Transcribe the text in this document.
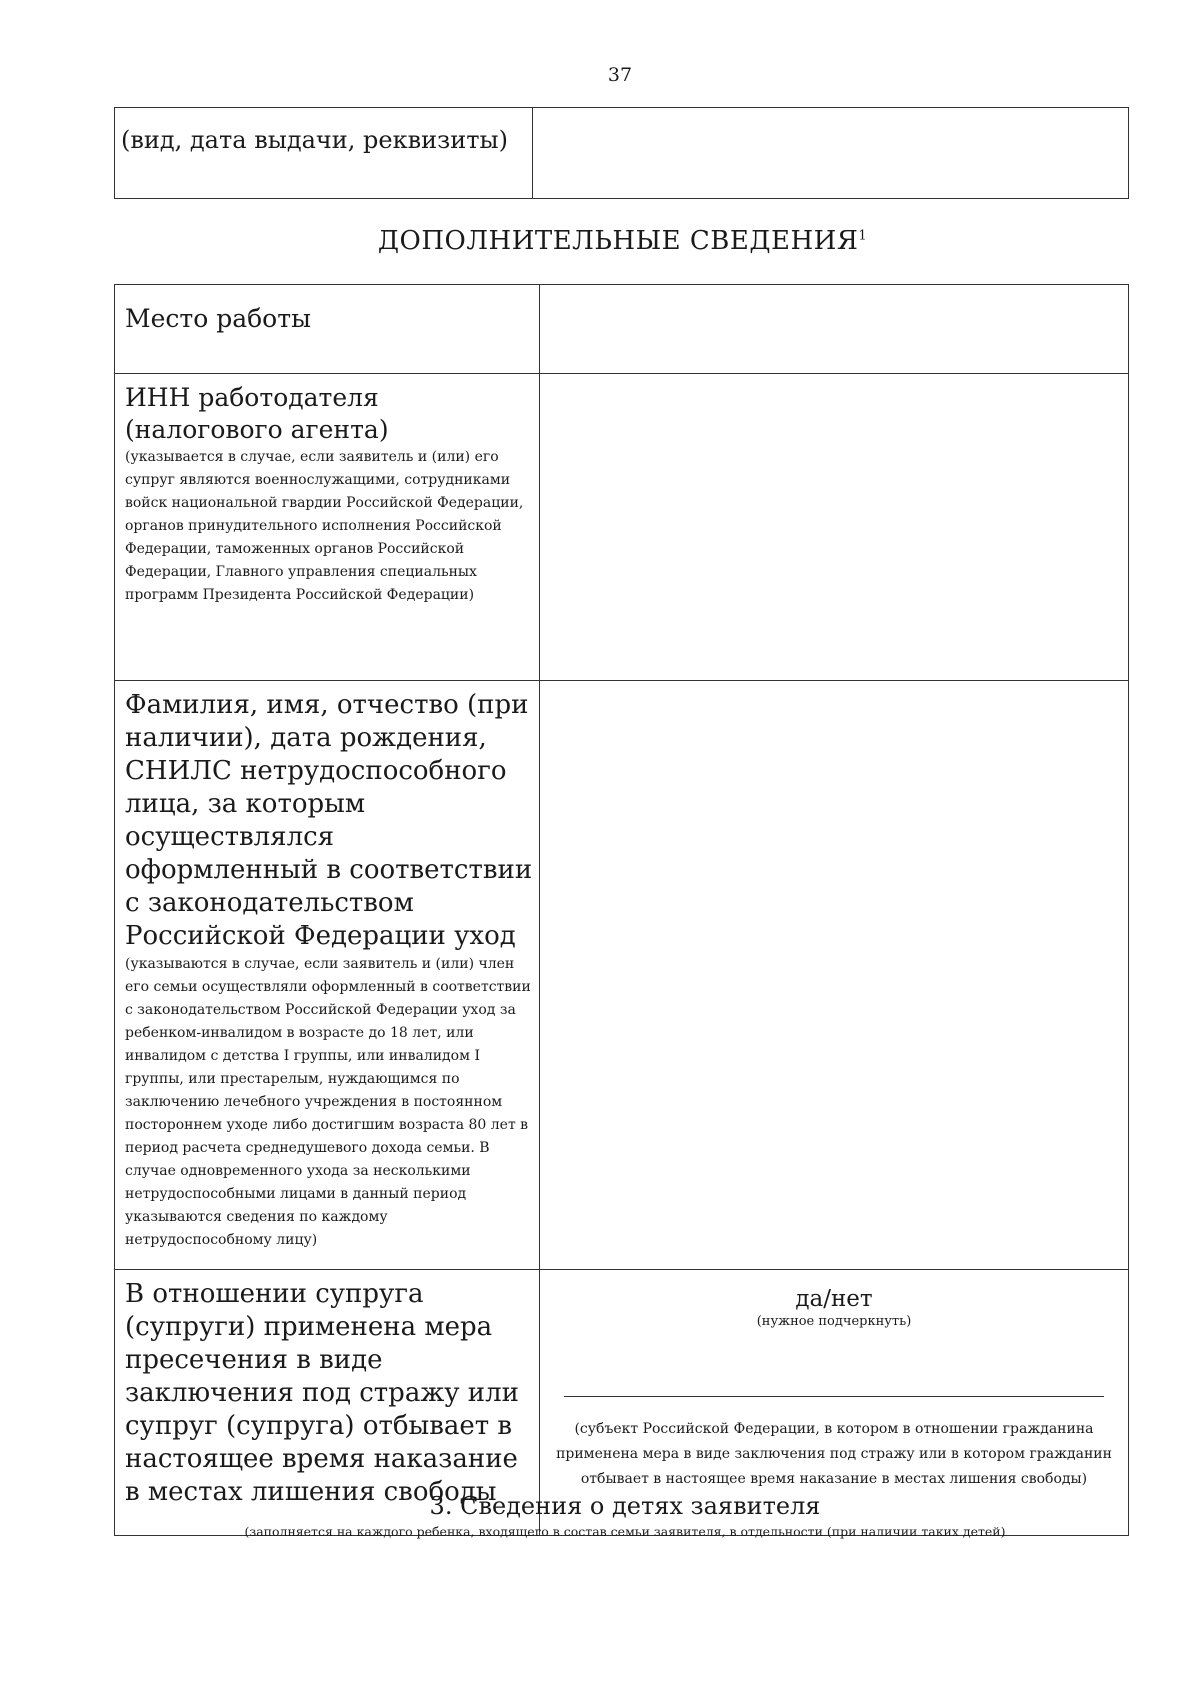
37
(вид, дата выдачи, реквизиты)	
ДОПОЛНИТЕЛЬНЫЕ СВЕДЕНИЯ$^1$
Место работы	

ИНН работодателя (налогового агента)
(указывается в случае, если заявитель и (или) его супруг являются военнослужащими, сотрудниками войск национальной гвардии Российской Федерации, органов принудительного исполнения Российской Федерации, таможенных органов Российской Федерации, Главного управления специальных программ Президента Российской Федерации)	

Фамилия, имя, отчество (при наличии), дата рождения, СНИЛС нетрудоспособного лица, за которым осуществлялся оформленный в соответствии с законодательством Российской Федерации уход (указываются в случае, если заявитель и (или) член его семьи осуществляли оформленный в соответствии с законодательством Российской Федерации уход за ребенком-инвалидом в возрасте до 18 лет, или инвалидом с детства I группы, или инвалидом I группы, или престарелым, нуждающимся по заключению лечебного учреждения в постоянном постороннем уходе либо достигшим возраста 80 лет в период расчета среднедушевого дохода семьи. В случае одновременного ухода за несколькими нетрудоспособными лицами в данный период указываются сведения по каждому нетрудоспособному лицу)	

В отношении супруга (супруги) применена мера пресечения в виде заключения под стражу или супруг (супруга) отбывает в настоящее время наказание в местах лишения свободы	да/нет
(нужное подчеркнуть)
(субъект Российской Федерации, в котором в отношении гражданина применена мера в виде заключения под стражу или в котором гражданин отбывает в настоящее время наказание в местах лишения свободы)
3. Сведения о детях заявителя
(заполняется на каждого ребенка, входящего в состав семьи заявителя, в отдельности (при наличии таких детей)
